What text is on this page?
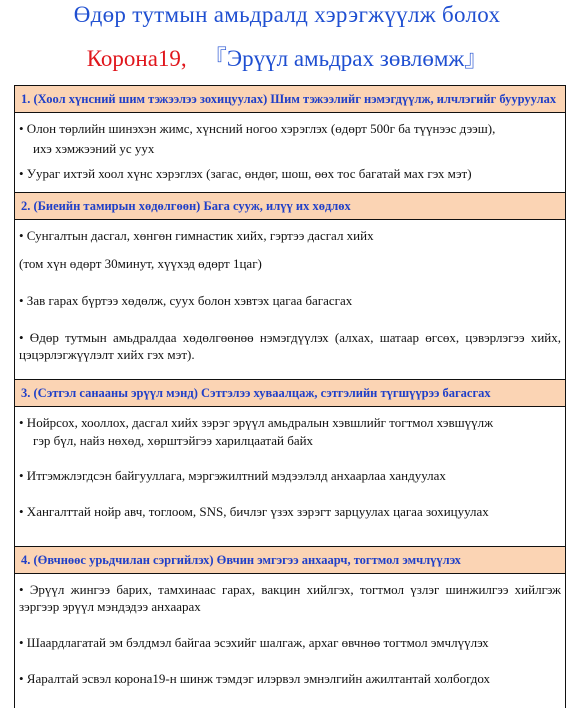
Өдөр тутмын амьдралд хэрэгжүүлж болох
Корона19, 『Эрүүл амьдрах зөвлөмж』
1. (Хоол хүнсний шим тэжээлээ зохицуулах) Шим тэжээлийг нэмэгдүүлж, илчлэгийг бууруулах
• Олон төрлийн шинэхэн жимс, хүнсний ногоо хэрэглэх (өдөрт 500г ба түүнээс дээш),
ихэ хэмжээний ус уух
• Уураг ихтэй хоол хүнс хэрэглэх (загас, өндөг, шош, өөх тос багатай мах гэх мэт)
2. (Биеийн тамирын хөдөлгөөн) Бага сууж, илүү их хөдлөх
• Сунгалтын дасгал, хөнгөн гимнастик хийх, гэртээ дасгал хийх
(том хүн өдөрт 30минут, хүүхэд өдөрт 1цаг)
• Зав гарах бүртээ хөдөлж, суух болон хэвтэх цагаа багасгах
• Өдөр тутмын амьдралдаа хөдөлгөөнөө нэмэгдүүлэх (алхах, шатаар өгсөх, цэвэрлэгээ хийх, цэцэрлэгжүүлэлт хийх гэх мэт).
3. (Сэтгэл санааны эрүүл мэнд) Сэтгэлээ хуваалцаж, сэтгэлийн түгшүүрээ багасгах
• Нойрсох, хооллох, дасгал хийх зэрэг эрүүл амьдралын хэвшлийг тогтмол хэвшүүлж
гэр бүл, найз нөхөд, хөрштэйгээ харилцаатай байх
• Итгэмжлэгдсэн байгууллага, мэргэжилтний мэдээлэлд анхаарлаа хандуулах
• Хангалттай нойр авч, тоглоом, SNS, бичлэг үзэх зэрэгт зарцуулах цагаа зохицуулах
4. (Өвчнөөс урьдчилан сэргийлэх) Өвчин эмгэгээ анхаарч, тогтмол эмчлүүлэх
• Эрүүл жингээ барих, тамхинаас гарах, вакцин хийлгэх, тогтмол үзлэг шинжилгээ хийлгэж зэргээр эрүүл мэндэдээ анхаарах
• Шаардлагатай эм бэлдмэл байгаа эсэхийг шалгаж, архаг өвчнөө тогтмол эмчлүүлэх
• Яаралтай эсвэл корона19-н шинж тэмдэг илэрвэл эмнэлгийн ажилтантай холбогдох
